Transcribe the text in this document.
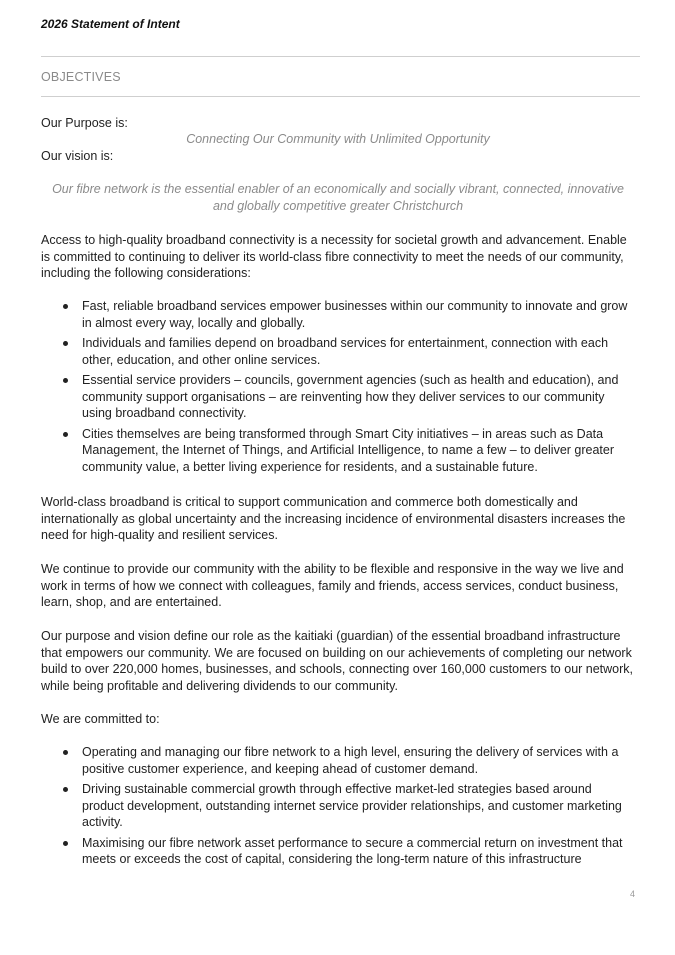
2026 Statement of Intent
OBJECTIVES
Our Purpose is:
Connecting Our Community with Unlimited Opportunity
Our vision is:
Our fibre network is the essential enabler of an economically and socially vibrant, connected, innovative and globally competitive greater Christchurch

Access to high-quality broadband connectivity is a necessity for societal growth and advancement. Enable is committed to continuing to deliver its world-class fibre connectivity to meet the needs of our community, including the following considerations:

Fast, reliable broadband services empower businesses within our community to innovate and grow in almost every way, locally and globally.
Individuals and families depend on broadband services for entertainment, connection with each other, education, and other online services.
Essential service providers – councils, government agencies (such as health and education), and community support organisations – are reinventing how they deliver services to our community using broadband connectivity.
Cities themselves are being transformed through Smart City initiatives – in areas such as Data Management, the Internet of Things, and Artificial Intelligence, to name a few – to deliver greater community value, a better living experience for residents, and a sustainable future.

World-class broadband is critical to support communication and commerce both domestically and internationally as global uncertainty and the increasing incidence of environmental disasters increases the need for high-quality and resilient services.

We continue to provide our community with the ability to be flexible and responsive in the way we live and work in terms of how we connect with colleagues, family and friends, access services, conduct business, learn, shop, and are entertained.

Our purpose and vision define our role as the kaitiaki (guardian) of the essential broadband infrastructure that empowers our community. We are focused on building on our achievements of completing our network build to over 220,000 homes, businesses, and schools, connecting over 160,000 customers to our network, while being profitable and delivering dividends to our community.

We are committed to:

Operating and managing our fibre network to a high level, ensuring the delivery of services with a positive customer experience, and keeping ahead of customer demand.
Driving sustainable commercial growth through effective market-led strategies based around product development, outstanding internet service provider relationships, and customer marketing activity.
Maximising our fibre network asset performance to secure a commercial return on investment that meets or exceeds the cost of capital, considering the long-term nature of this infrastructure
4
